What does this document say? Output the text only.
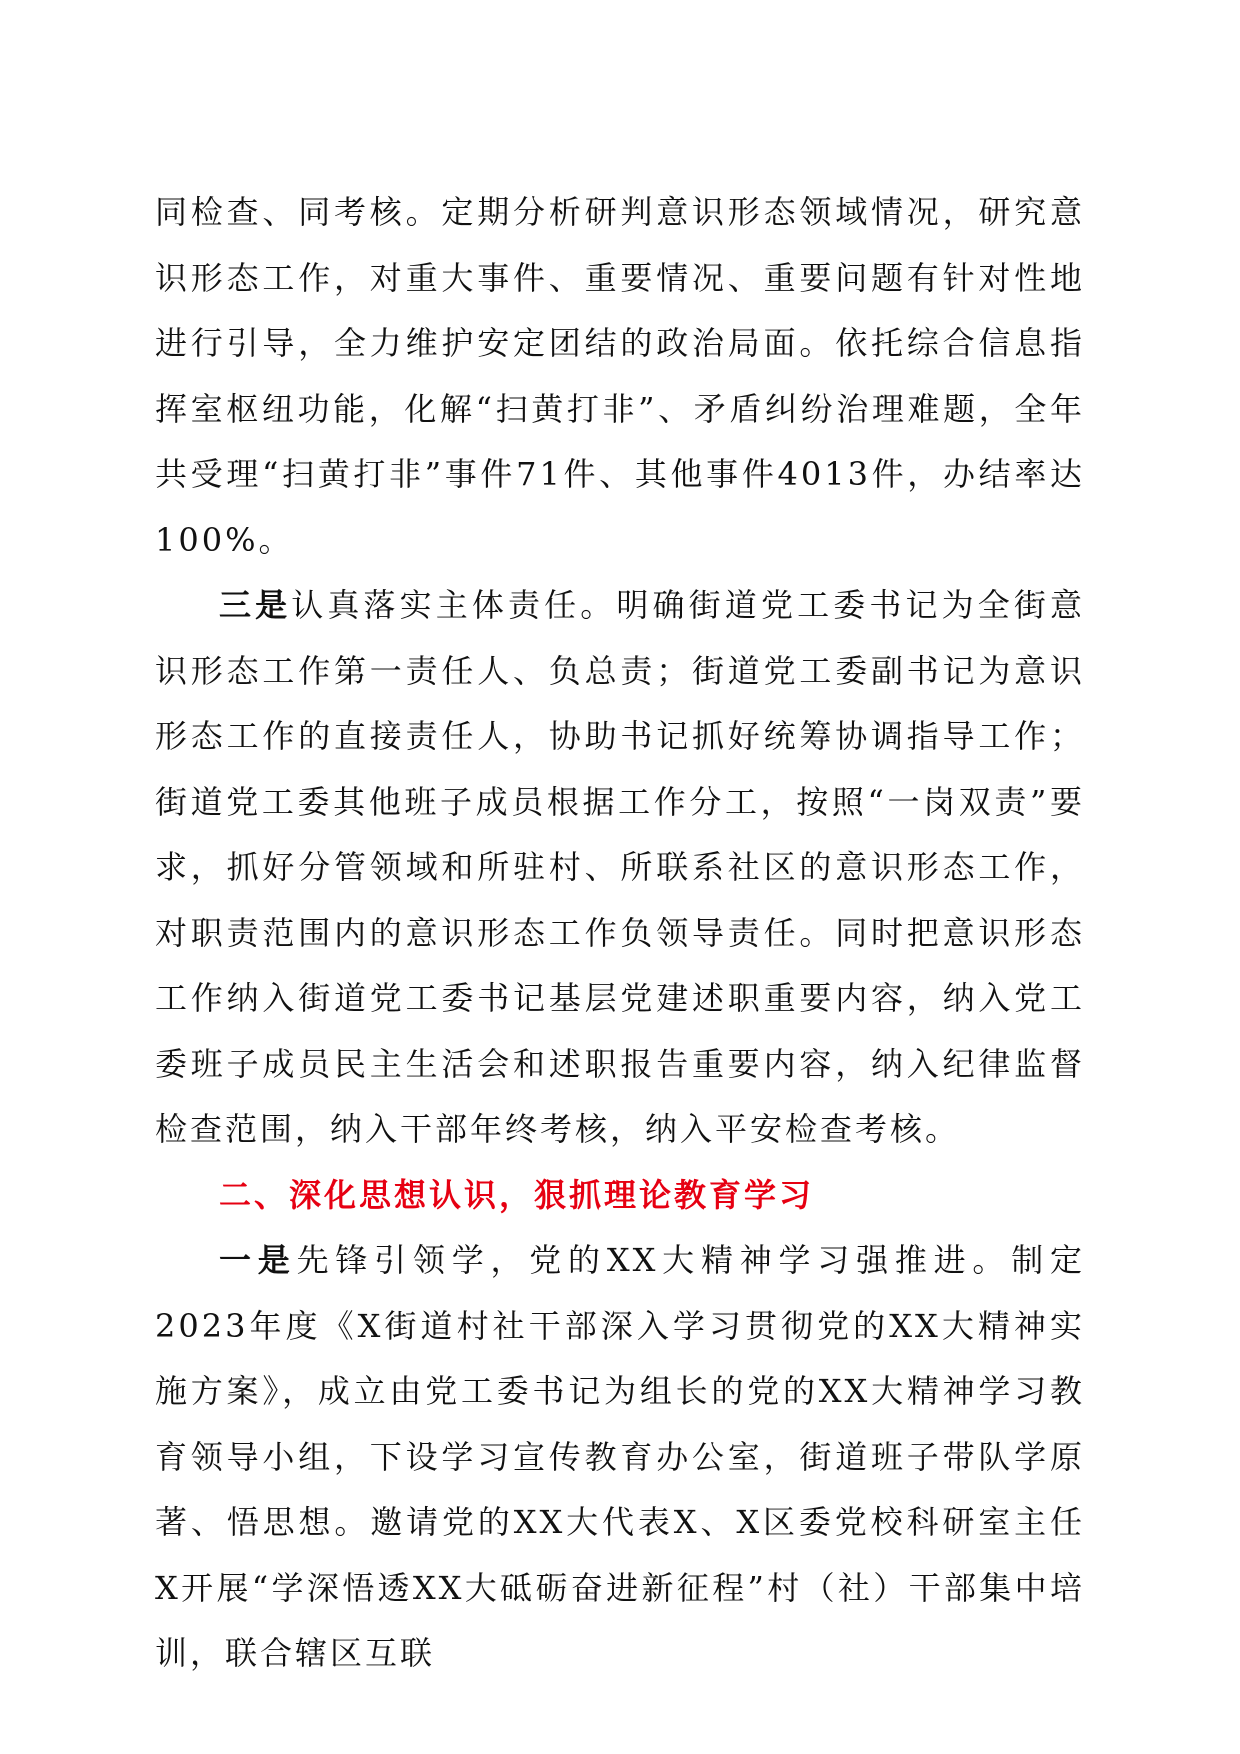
同检查、同考核。定期分析研判意识形态领域情况，研究意识形态工作，对重大事件、重要情况、重要问题有针对性地进行引导，全力维护安定团结的政治局面。依托综合信息指挥室枢纽功能，化解“扫黄打非”、矛盾纠纷治理难题，全年共受理“扫黄打非”事件71件、其他事件4013件，办结率达100%。

三是认真落实主体责任。明确街道党工委书记为全街意识形态工作第一责任人、负总责；街道党工委副书记为意识形态工作的直接责任人，协助书记抓好统筹协调指导工作；街道党工委其他班子成员根据工作分工，按照“一岗双责”要求，抓好分管领域和所驻村、所联系社区的意识形态工作，对职责范围内的意识形态工作负领导责任。同时把意识形态工作纳入街道党工委书记基层党建述职重要内容，纳入党工委班子成员民主生活会和述职报告重要内容，纳入纪律监督检查范围，纳入干部年终考核，纳入平安检查考核。

二、深化思想认识，狠抓理论教育学习

一是先锋引领学，党的XX大精神学习强推进。制定2023年度《X街道村社干部深入学习贯彻党的XX大精神实施方案》，成立由党工委书记为组长的党的XX大精神学习教育领导小组，下设学习宣传教育办公室，街道班子带队学原著、悟思想。邀请党的XX大代表X、X区委党校科研室主任X开展“学深悟透XX大砥砺奋进新征程”村（社）干部集中培训，联合辖区互联
